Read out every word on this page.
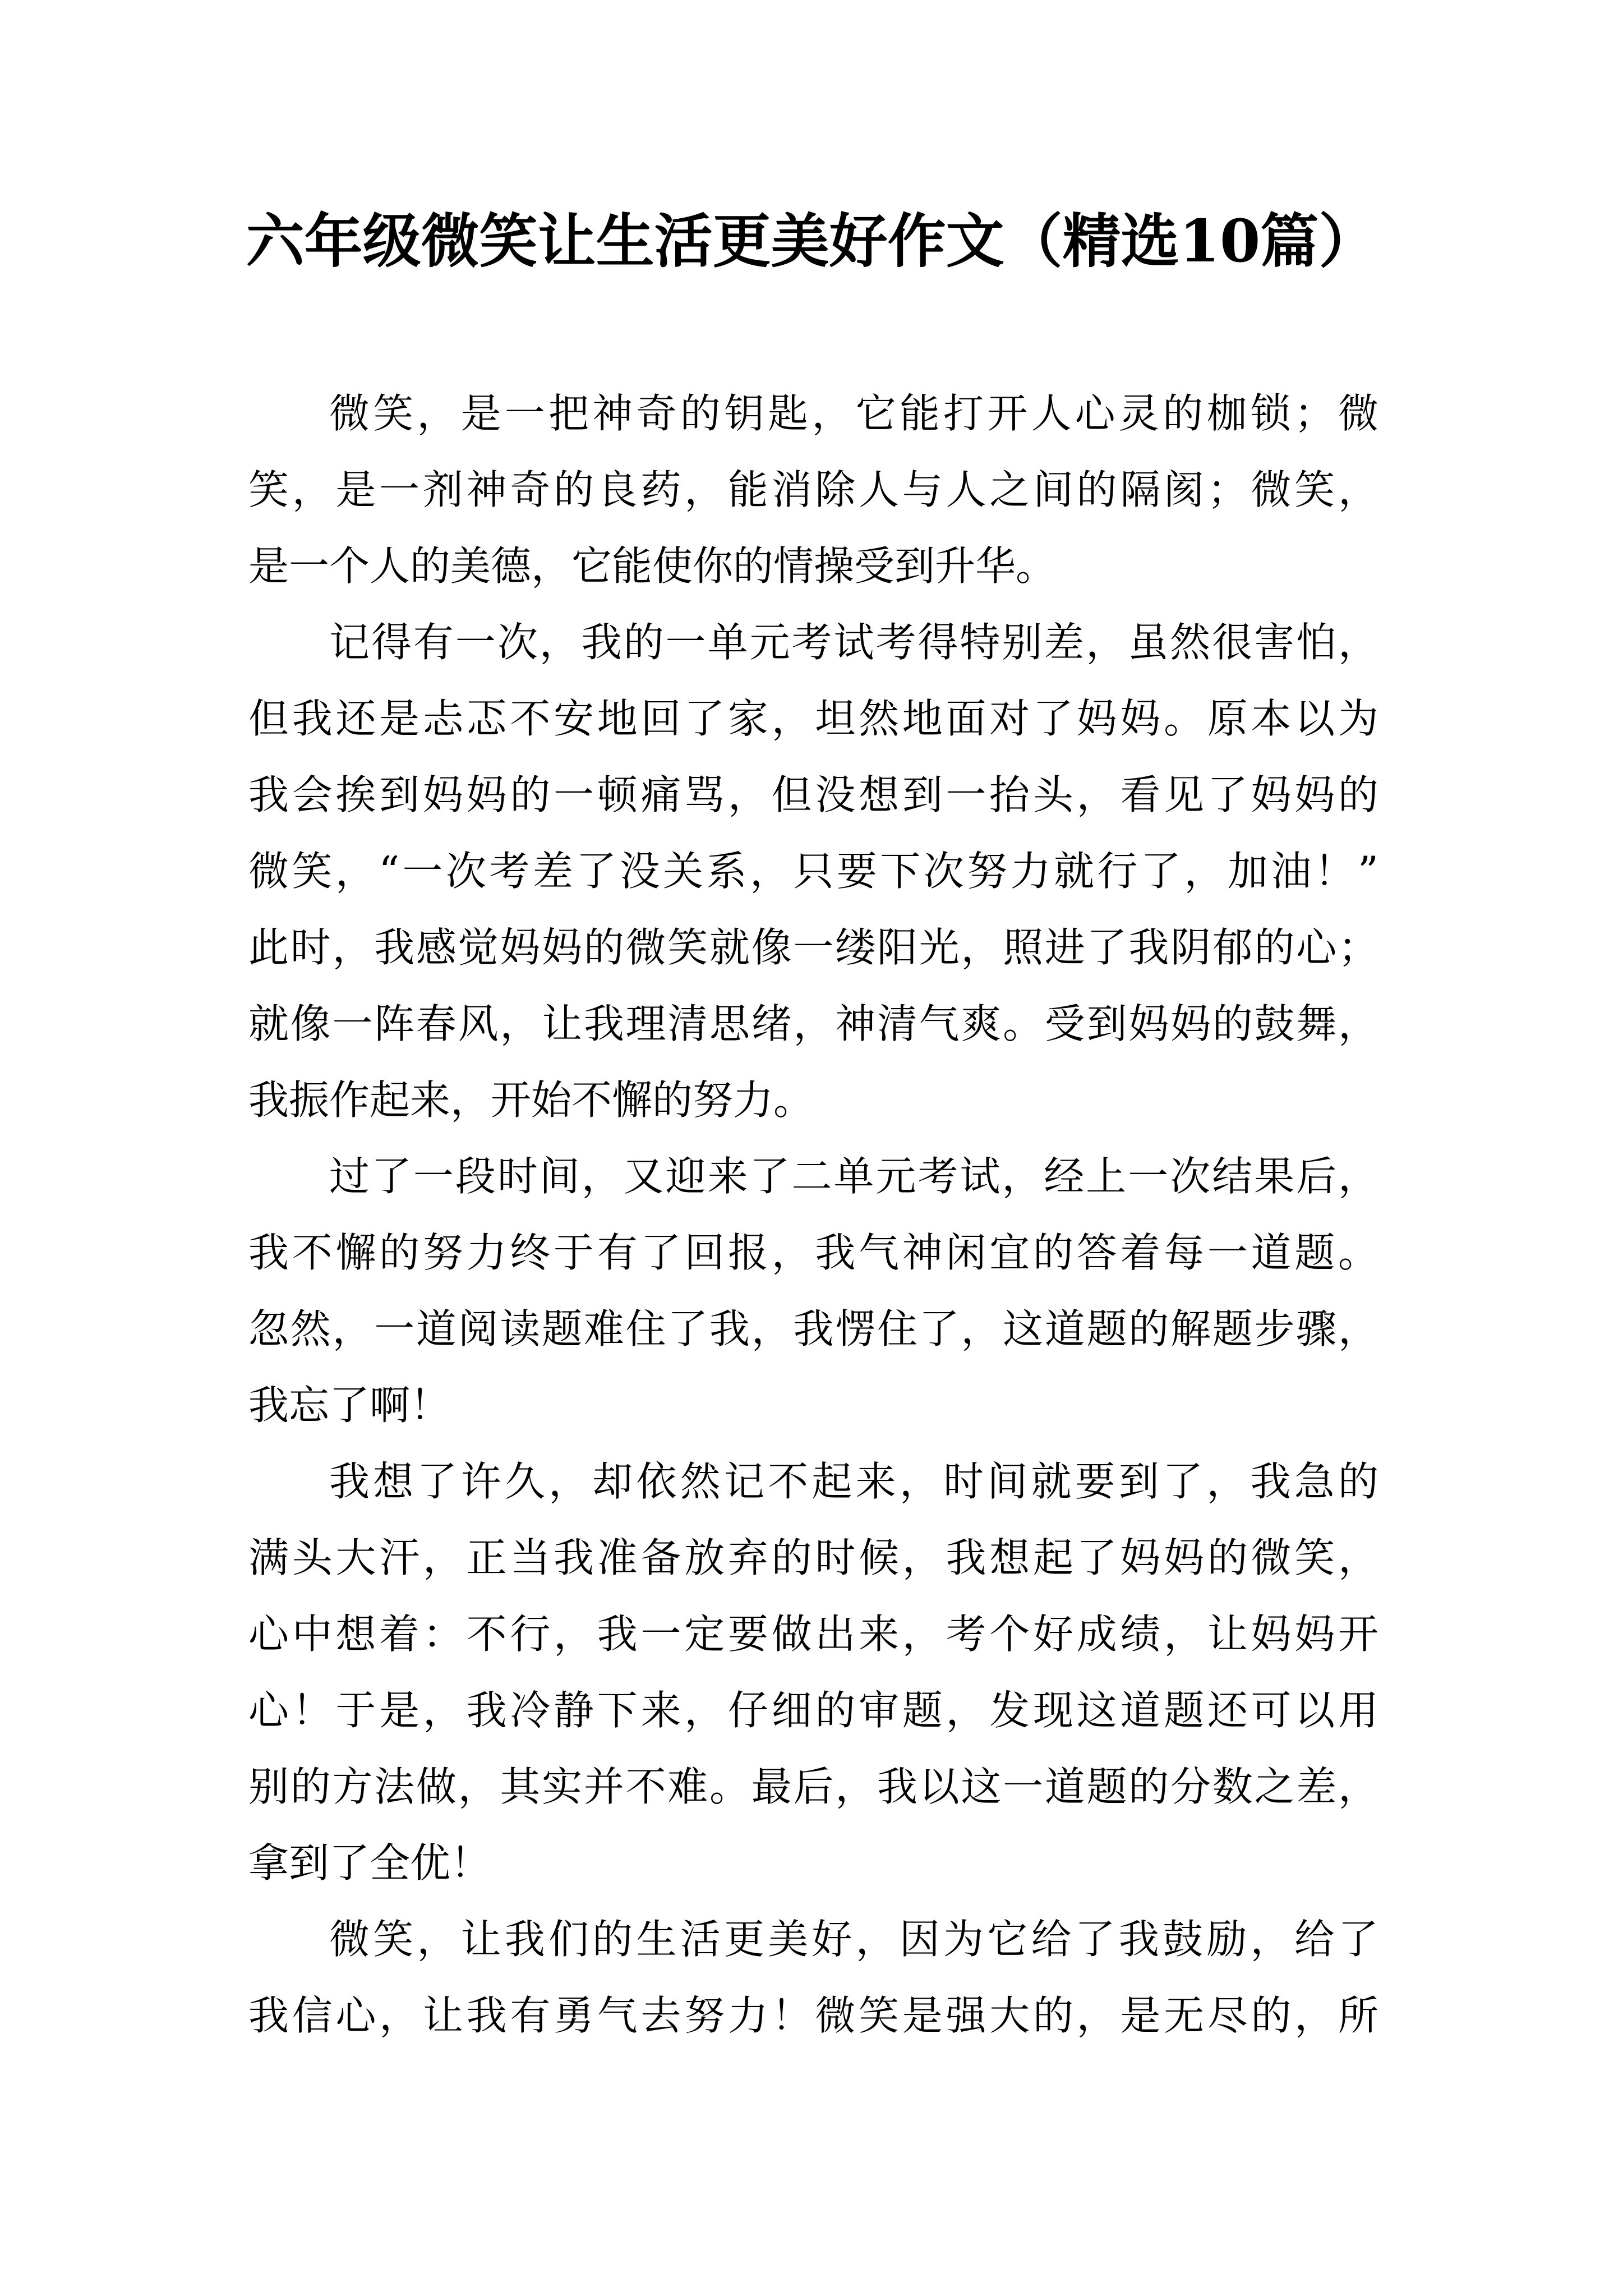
六年级微笑让生活更美好作文（精选10篇）
微笑，是一把神奇的钥匙，它能打开人心灵的枷锁；微
笑，是一剂神奇的良药，能消除人与人之间的隔阂；微笑，
是一个人的美德，它能使你的情操受到升华。
记得有一次，我的一单元考试考得特别差，虽然很害怕，
但我还是忐忑不安地回了家，坦然地面对了妈妈。原本以为
我会挨到妈妈的一顿痛骂，但没想到一抬头，看见了妈妈的
微笑，“一次考差了没关系，只要下次努力就行了，加油！”
此时，我感觉妈妈的微笑就像一缕阳光，照进了我阴郁的心；
就像一阵春风，让我理清思绪，神清气爽。受到妈妈的鼓舞，
我振作起来，开始不懈的努力。
过了一段时间，又迎来了二单元考试，经上一次结果后，
我不懈的努力终于有了回报，我气神闲宜的答着每一道题。
忽然，一道阅读题难住了我，我愣住了，这道题的解题步骤，
我忘了啊！
我想了许久，却依然记不起来，时间就要到了，我急的
满头大汗，正当我准备放弃的时候，我想起了妈妈的微笑，
心中想着：不行，我一定要做出来，考个好成绩，让妈妈开
心！于是，我冷静下来，仔细的审题，发现这道题还可以用
别的方法做，其实并不难。最后，我以这一道题的分数之差，
拿到了全优！
微笑，让我们的生活更美好，因为它给了我鼓励，给了
我信心，让我有勇气去努力！微笑是强大的，是无尽的，所
